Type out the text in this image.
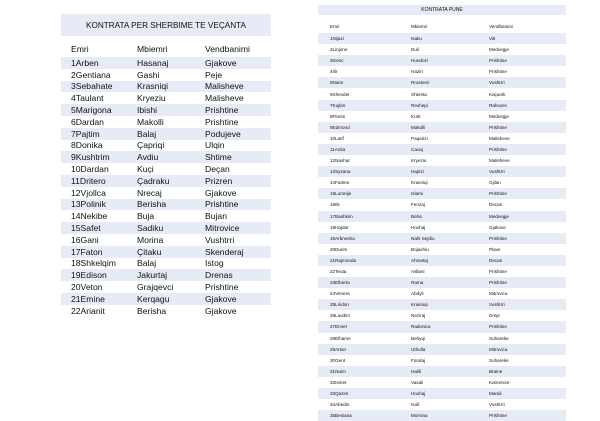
KONTRATA PER SHERBIME TE VEÇANTA		
Emri	Mbiemri	Vendbanimi
1Arben	Hasanaj	Gjakove
2Gentiana	Gashi	Peje
3Sebahate	Krasniqi	Malisheve
4Taulant	Kryeziu	Malisheve
5Marigona	Ibishi	Prishtine
6Dardan	Makolli	Prishtine
7Pajtim	Balaj	Podujeve
8Donika	Çapriqi	Ulqin
9Kushtrim	Avdiu	Shtime
10Dardan	Kuçi	Deçan
11Dritero	Çadraku	Prizren
12Vjollca	Nrecaj	Gjakove
13Polinik	Berisha	Prishtine
14Nekibe	Buja	Bujan
15Safet	Sadiku	Mitrovice
16Gani	Morina	Vushtrri
17Faton	Çitaku	Skenderaj
18Shkelqim	Balaj	Istog
19Edison	Jakurtaj	Drenas
20Veton	Grajqevci	Prishtine
21Emine	Kerqagu	Gjakove
22Arianit	Berisha	Gjakove
KONTRATA PUNE		
Emri	Mbiemri	Vendbanimi
1Nijazi	Isaku	Viti
2Linjone	Duli	Medvegje
3Genc	Hundozi	Prishtine
4Ilir	Haziri	Prishtine
5Naim	Rrustemi	Vushtrri
6Xhevdet	Shkreta	Kaçanik
7Kujtim	Rexhepi	Rahovec
8Florim	Kurti	Medvegje
9Edmond	Makolli	Prishtine
10Latif	Paqarizi	Malisheve
11Anita	Cacaj	Prishtine
12Naxhat	Kryeziu	Malisheve
13Syzana	Hajrizi	Vushtrri
14Fatime	Krasniqi	Gjilan
15Lumnije	Islami	Prishtine
16Ilir	Fenzaj	Decan
17Bashkim	Beha	Medvegje
18Hajdar	Hoxhaj	Gjakove
19Arbnesha	Nahi Sejdiu	Prishtine
20Durim	Bojaxhiu	Plave
21Rajmonda	Ahmetaj	Decan
22Teuta	Asllani	Prishtine
23Elberta	Rama	Prishtine
24Venera	Abdyli	Mitrovica
25Liridon	Krasniqi	Vushtrri
26Lavdim	Neziraj	Dreje
27Enver	Radonica	Prishtine
28Elhame	Behyqi	Suhareke
29Artan	Uthulla	Mitrovica
30Gent	Fondaj	Suhareke
31Naim	Halili	Braine
32Ismet	Vasali	Kamenice
33Qazim	Hoxhaj	Marali
34Abedin	Isufi	Vushtrri
35Besiana	Mornina	Prishtine
